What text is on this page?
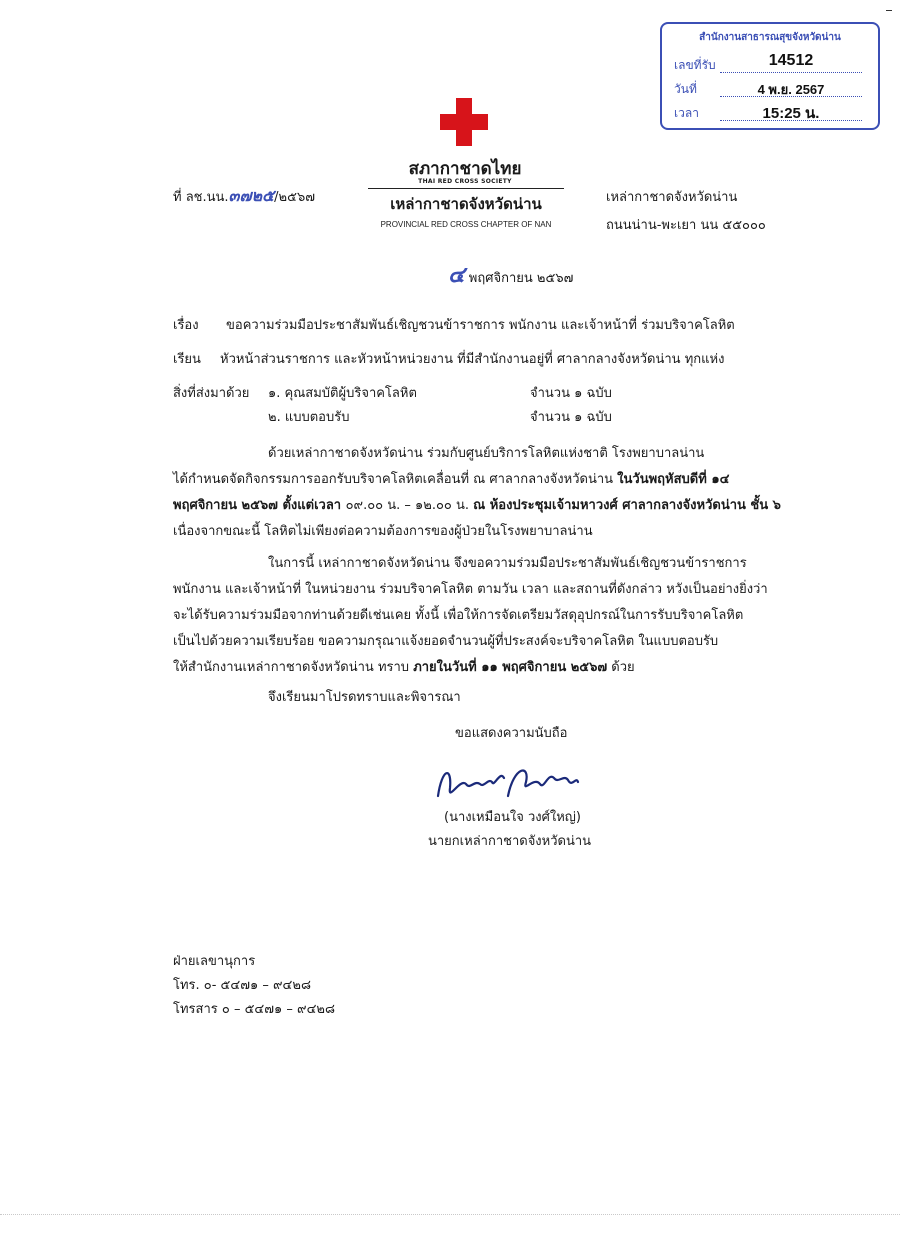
สำนักงานสาธารณสุขจังหวัดน่าน
เลขที่รับ	14512
วันที่	4 พ.ย. 2567
เวลา	15:25 น.
สภากาชาดไทย
THAI RED CROSS SOCIETY
เหล่ากาชาดจังหวัดน่าน
PROVINCIAL RED CROSS CHAPTER OF NAN
ที่ ลช.นน.๓๗๒๕/๒๕๖๗	เหล่ากาชาดจังหวัดน่าน
ถนนน่าน-พะเยา นน ๕๕๐๐๐
๔ พฤศจิกายน ๒๕๖๗
เรื่อง ขอความร่วมมือประชาสัมพันธ์เชิญชวนข้าราชการ พนักงาน และเจ้าหน้าที่ ร่วมบริจาคโลหิต
เรียน หัวหน้าส่วนราชการ และหัวหน้าหน่วยงาน ที่มีสำนักงานอยู่ที่ ศาลากลางจังหวัดน่าน ทุกแห่ง
สิ่งที่ส่งมาด้วย ๑. คุณสมบัติผู้บริจาคโลหิต	จำนวน ๑ ฉบับ
๒. แบบตอบรับ	จำนวน ๑ ฉบับ
ด้วยเหล่ากาชาดจังหวัดน่าน ร่วมกับศูนย์บริการโลหิตแห่งชาติ โรงพยาบาลน่าน
ได้กำหนดจัดกิจกรรมการออกรับบริจาคโลหิตเคลื่อนที่ ณ ศาลากลางจังหวัดน่าน ในวันพฤหัสบดีที่ ๑๔
พฤศจิกายน ๒๕๖๗ ตั้งแต่เวลา ๐๙.๐๐ น. – ๑๒.๐๐ น. ณ ห้องประชุมเจ้ามหาวงศ์ ศาลากลางจังหวัดน่าน ชั้น ๖
เนื่องจากขณะนี้ โลหิตไม่เพียงต่อความต้องการของผู้ป่วยในโรงพยาบาลน่าน
ในการนี้ เหล่ากาชาดจังหวัดน่าน จึงขอความร่วมมือประชาสัมพันธ์เชิญชวนข้าราชการ
พนักงาน และเจ้าหน้าที่ ในหน่วยงาน ร่วมบริจาคโลหิต ตามวัน เวลา และสถานที่ดังกล่าว หวังเป็นอย่างยิ่งว่า
จะได้รับความร่วมมือจากท่านด้วยดีเช่นเคย ทั้งนี้ เพื่อให้การจัดเตรียมวัสดุอุปกรณ์ในการรับบริจาคโลหิต
เป็นไปด้วยความเรียบร้อย ขอความกรุณาแจ้งยอดจำนวนผู้ที่ประสงค์จะบริจาคโลหิต ในแบบตอบรับ
ให้สำนักงานเหล่ากาชาดจังหวัดน่าน ทราบ ภายในวันที่ ๑๑ พฤศจิกายน ๒๕๖๗ ด้วย
จึงเรียนมาโปรดทราบและพิจารณา
ขอแสดงความนับถือ
(นางเหมือนใจ วงศ์ใหญ่)
นายกเหล่ากาชาดจังหวัดน่าน
ฝ่ายเลขานุการ
โทร. ๐- ๕๔๗๑ – ๙๔๒๘
โทรสาร ๐ – ๕๔๗๑ – ๙๔๒๘
